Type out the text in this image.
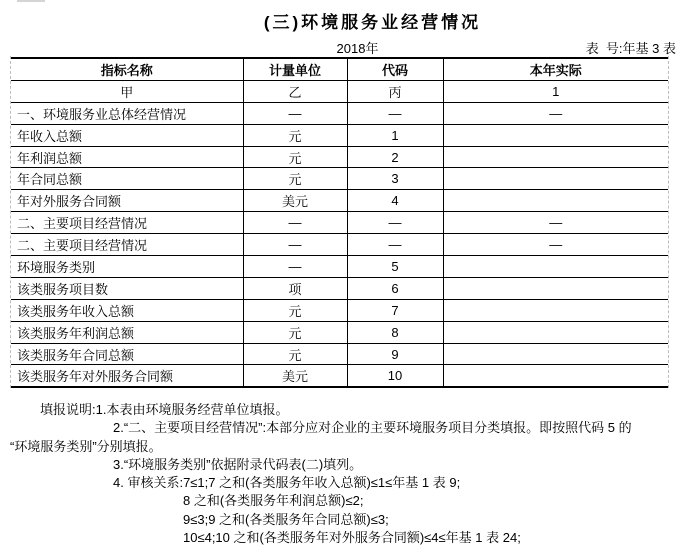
(三)环境服务业经营情况
2018年	表  号:年基 3 表
指标名称	计量单位	代码	本年实际
甲	乙	丙	1
一、环境服务业总体经营情况	—	—	—
年收入总额	元	1	
年利润总额	元	2	
年合同总额	元	3	
年对外服务合同额	美元	4	
二、主要项目经营情况	—	—	—
二、主要项目经营情况	—	—	—
环境服务类别	—	5	
该类服务项目数	项	6	
该类服务年收入总额	元	7	
该类服务年利润总额	元	8	
该类服务年合同总额	元	9	
该类服务年对外服务合同额	美元	10	
填报说明:1.本表由环境服务经营单位填报。
2.“二、主要项目经营情况”:本部分应对企业的主要环境服务项目分类填报。即按照代码 5 的
“环境服务类别”分别填报。
3.“环境服务类别”依据附录代码表(二)填列。
4. 审核关系:7≤1;7 之和(各类服务年收入总额)≤1≤年基 1 表 9;
8 之和(各类服务年利润总额)≤2;
9≤3;9 之和(各类服务年合同总额)≤3;
10≤4;10 之和(各类服务年对外服务合同额)≤4≤年基 1 表 24;
